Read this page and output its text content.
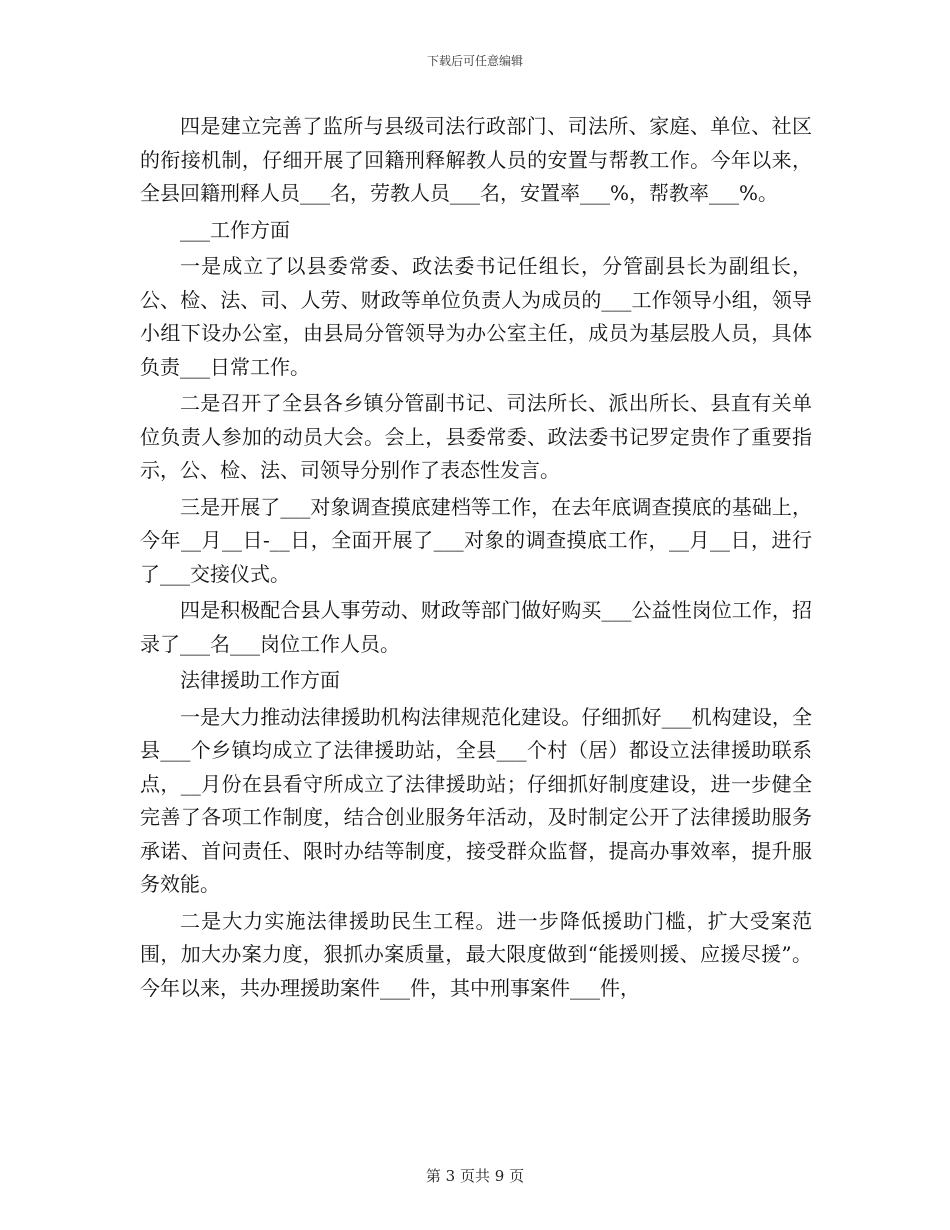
下载后可任意编辑

四是建立完善了监所与县级司法行政部门、司法所、家庭、单位、社区的衔接机制，仔细开展了回籍刑释解教人员的安置与帮教工作。今年以来，全县回籍刑释人员___名，劳教人员___名，安置率___%，帮教率___%。

___工作方面

一是成立了以县委常委、政法委书记任组长，分管副县长为副组长，公、检、法、司、人劳、财政等单位负责人为成员的___工作领导小组，领导小组下设办公室，由县局分管领导为办公室主任，成员为基层股人员，具体负责___日常工作。

二是召开了全县各乡镇分管副书记、司法所长、派出所长、县直有关单位负责人参加的动员大会。会上，县委常委、政法委书记罗定贵作了重要指示，公、检、法、司领导分别作了表态性发言。

三是开展了___对象调查摸底建档等工作，在去年底调查摸底的基础上，今年__月__日-__日，全面开展了___对象的调查摸底工作，__月__日，进行了___交接仪式。

四是积极配合县人事劳动、财政等部门做好购买___公益性岗位工作，招录了___名___岗位工作人员。

法律援助工作方面

一是大力推动法律援助机构法律规范化建设。仔细抓好___机构建设，全县___个乡镇均成立了法律援助站，全县___个村（居）都设立法律援助联系点，__月份在县看守所成立了法律援助站；仔细抓好制度建设，进一步健全完善了各项工作制度，结合创业服务年活动，及时制定公开了法律援助服务承诺、首问责任、限时办结等制度，接受群众监督，提高办事效率，提升服务效能。

二是大力实施法律援助民生工程。进一步降低援助门槛，扩大受案范围，加大办案力度，狠抓办案质量，最大限度做到“能援则援、应援尽援”。今年以来，共办理援助案件___件，其中刑事案件___件，

第 3 页共 9 页
